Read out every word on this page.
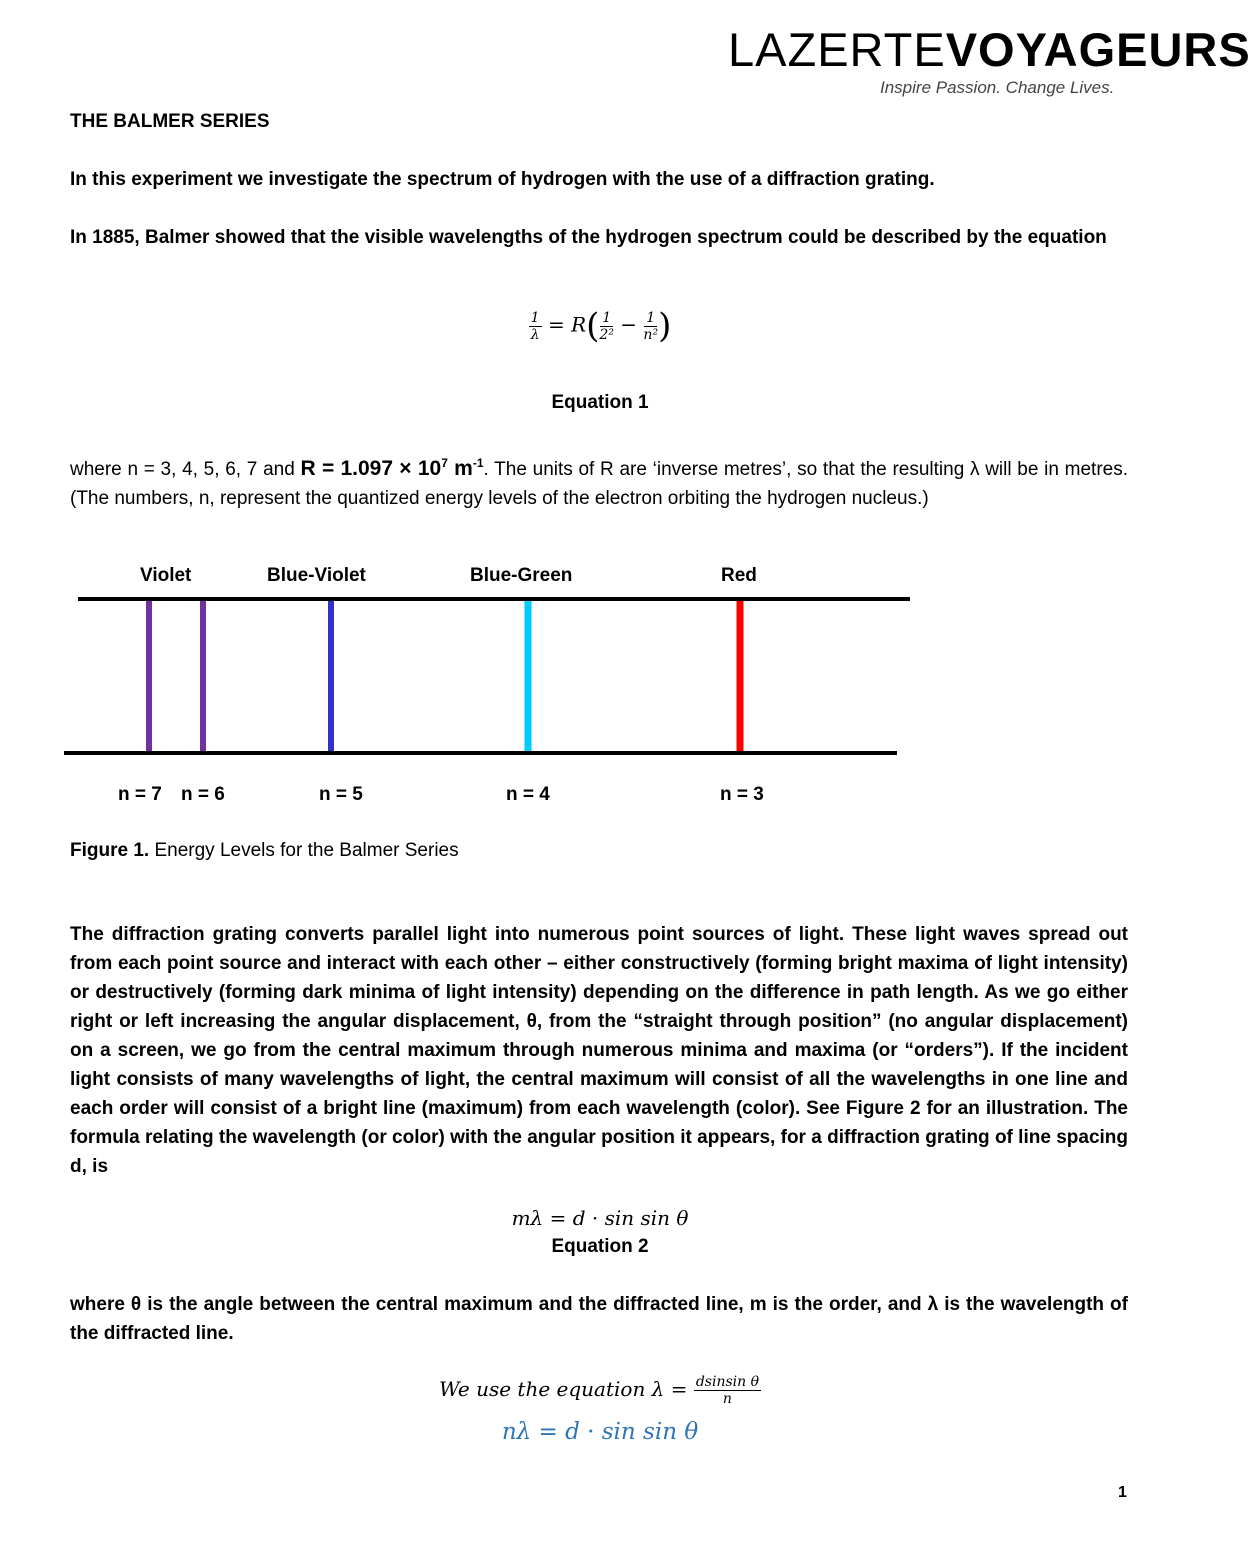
LAZERTEVOYAGEURS
Inspire Passion. Change Lives.
THE BALMER SERIES
In this experiment we investigate the spectrum of hydrogen with the use of a diffraction grating.
In 1885, Balmer showed that the visible wavelengths of the hydrogen spectrum could be described by the equation
$\frac{1}{\lambda} = R( \frac{1}{\text{2²}} - \frac{1}{\text{n²}}$ )
Equation 1
where n = 3, 4, 5, 6, 7 and $R = 1.097 \times 10^7$ $m^{-1}$. The units of R are ‘inverse metres’, so that the resulting λ will be in metres. (The numbers, n, represent the quantized energy levels of the electron orbiting the hydrogen nucleus.)
Violet	Blue-Violet	Blue-Green	Red
n = 7 n = 6	n = 5	n = 4	n = 3
Figure 1. Energy Levels for the Balmer Series
The diffraction grating converts parallel light into numerous point sources of light. These light waves spread out from each point source and interact with each other – either constructively (forming bright maxima of light intensity) or destructively (forming dark minima of light intensity) depending on the difference in path length. As we go either right or left increasing the angular displacement, θ, from the “straight through position” (no angular displacement) on a screen, we go from the central maximum through numerous minima and maxima (or “orders”). If the incident light consists of many wavelengths of light, the central maximum will consist of all the wavelengths in one line and each order will consist of a bright line (maximum) from each wavelength (color). See Figure 2 for an illustration. The formula relating the wavelength (or color) with the angular position it appears, for a diffraction grating of line spacing d, is
mλ = d · sin sin θ
Equation 2
where θ is the angle between the central maximum and the diffracted line, m is the order, and λ is the wavelength of the diffracted line.
We use the equation $\lambda = \frac{\text{dsinsin θ}}{n}$
nλ = d · sin sin θ
1
